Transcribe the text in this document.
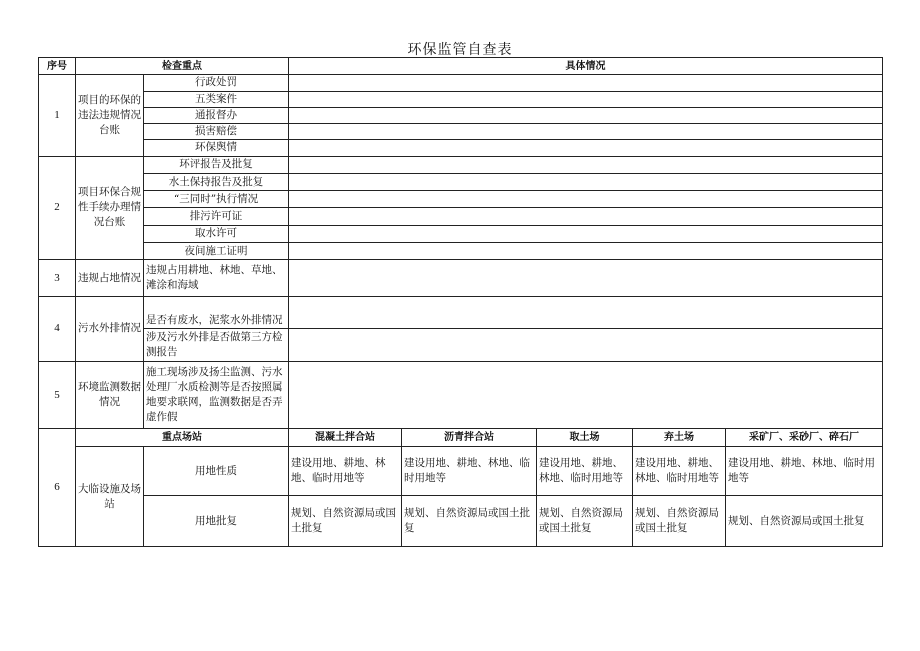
环保监管自查表
序号	检查重点		具体情况				
1	项目的环保的违法违规情况台账	行政处罚					
		五类案件					
		通报督办					
		损害赔偿					
		环保舆情					
2	项目环保合规性手续办理情况台账	环评报告及批复					
		水土保持报告及批复					
		“三同时”执行情况					
		排污许可证					
		取水许可					
		夜间施工证明					
3	违规占地情况	违规占用耕地、林地、草地、滩涂和海域					
4	污水外排情况	是否有废水，泥浆水外排情况					
		涉及污水外排是否做第三方检测报告					
5	环境监测数据情况	施工现场涉及扬尘监测、污水处理厂水质检测等是否按照属地要求联网，监测数据是否弄虚作假					
6	重点场站		混凝土拌合站	沥青拌合站	取土场	弃土场	采矿厂、采砂厂、碎石厂
	大临设施及场站	用地性质	建设用地、耕地、林地、临时用地等	建设用地、耕地、林地、临时用地等	建设用地、耕地、林地、临时用地等	建设用地、耕地、林地、临时用地等	建设用地、耕地、林地、临时用地等
		用地批复	规划、自然资源局或国土批复	规划、自然资源局或国土批复	规划、自然资源局或国土批复	规划、自然资源局或国土批复	规划、自然资源局或国土批复
